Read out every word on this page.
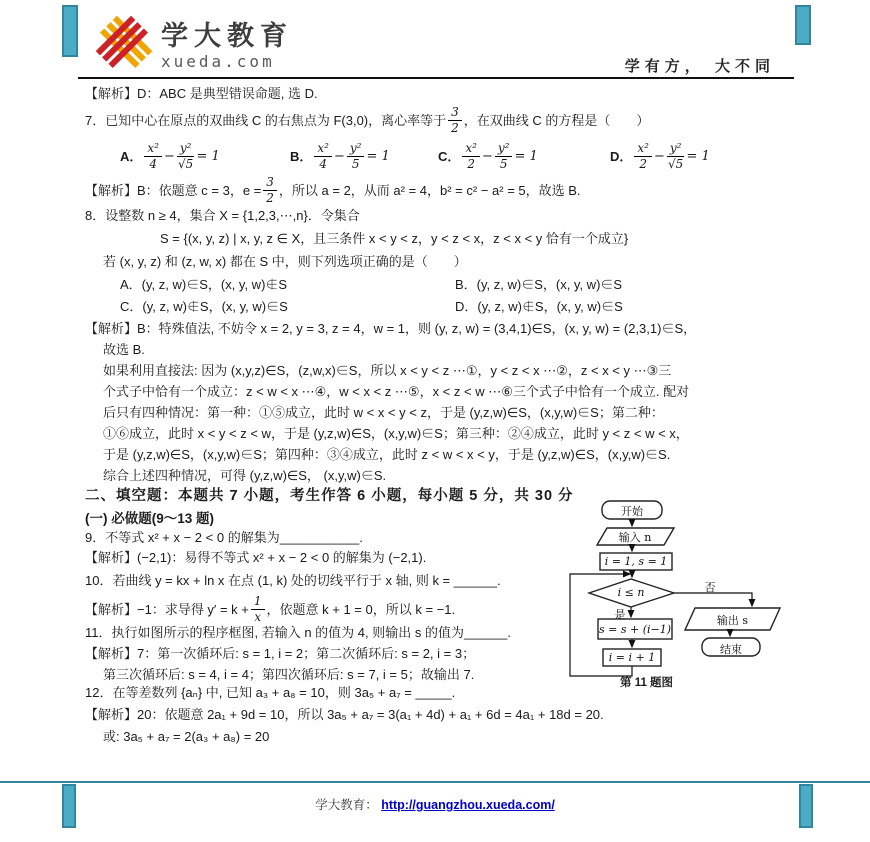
学大教育
xueda.com	学有方， 大不同
【解析】D：ABC 是典型错误命题, 选 D.
7．已知中心在原点的双曲线 C 的右焦点为 F(3,0)，离心率等于 $\frac{3}{2}$ ，在双曲线 C 的方程是（　　）
A． $\frac{\text{x²}}{4} - \frac{\text{y²}}{√5} = 1$	B． $\frac{\text{x²}}{4} - \frac{\text{y²}}{5} = 1$	C． $\frac{\text{x²}}{2} - \frac{\text{y²}}{5} = 1$	D． $\frac{\text{x²}}{2} - \frac{\text{y²}}{√5} = 1$
【解析】B：依题意 c = 3，$e = \frac{3}{2}$ ，所以 a = 2，从而 a² = 4，b² = c² − a² = 5，故选 B.
8．设整数 n ≥ 4，集合 X = {1,2,3,⋯,n}．令集合
S = {(x, y, z) | x, y, z ∈ X，且三条件 x < y < z，y < z < x，z < x < y 恰有一个成立}
若 (x, y, z) 和 (z, w, x) 都在 S 中，则下列选项正确的是（　　）
A．(y, z, w)∈S，(x, y, w)∉S	B．(y, z, w)∈S，(x, y, w)∈S
C．(y, z, w)∉S，(x, y, w)∈S	D．(y, z, w)∉S，(x, y, w)∈S
【解析】B：特殊值法, 不妨令 x = 2, y = 3, z = 4，w = 1，则 (y, z, w) = (3,4,1)∈S，(x, y, w) = (2,3,1)∈S，
故选 B.
如果利用直接法: 因为 (x,y,z)∈S，(z,w,x)∈S，所以 x < y < z ⋯①，y < z < x ⋯②，z < x < y ⋯③三
个式子中恰有一个成立：z < w < x ⋯④，w < x < z ⋯⑤，x < z < w ⋯⑥三个式子中恰有一个成立. 配对
后只有四种情况：第一种：①⑤成立，此时 w < x < y < z，于是 (y,z,w)∈S，(x,y,w)∈S；第二种：
①⑥成立，此时 x < y < z < w，于是 (y,z,w)∈S，(x,y,w)∈S；第三种：②④成立，此时 y < z < w < x，
于是 (y,z,w)∈S，(x,y,w)∈S；第四种：③④成立，此时 z < w < x < y，于是 (y,z,w)∈S，(x,y,w)∈S.
综合上述四种情况，可得 (y,z,w)∈S， (x,y,w)∈S.
二、填空题：本题共 7 小题，考生作答 6 小题，每小题 5 分，共 30 分
(一) 必做题(9～13 题)
9．不等式 x² + x − 2 < 0 的解集为___________.
【解析】(−2,1)：易得不等式 x² + x − 2 < 0 的解集为 (−2,1).
10．若曲线 y = kx + ln x 在点 (1, k) 处的切线平行于 x 轴, 则 k = ______.
【解析】−1：求导得 $y' = k + \frac{1}{x}$ ，依题意 k + 1 = 0，所以 k = −1.
11．执行如图所示的程序框图, 若输入 n 的值为 4, 则输出 s 的值为______.
【解析】7：第一次循环后: s = 1, i = 2；第二次循环后: s = 2, i = 3；
第三次循环后: s = 4, i = 4；第四次循环后: s = 7, i = 5；故输出 7.
12．在等差数列 {aₙ} 中, 已知 a₃ + a₈ = 10，则 3a₅ + a₇ = _____.
【解析】20：依题意 2a₁ + 9d = 10，所以 3a₅ + a₇ = 3(a₁ + 4d) + a₁ + 6d = 4a₁ + 18d = 20.
或: 3a₅ + a₇ = 2(a₃ + a₈) = 20
开始
输入 n
i = 1, s = 1
i ≤ n	否
是
s = s + (i−1)
i = i + 1
输出 s
结束
第 11 题图
学大教育： http://guangzhou.xueda.com/
